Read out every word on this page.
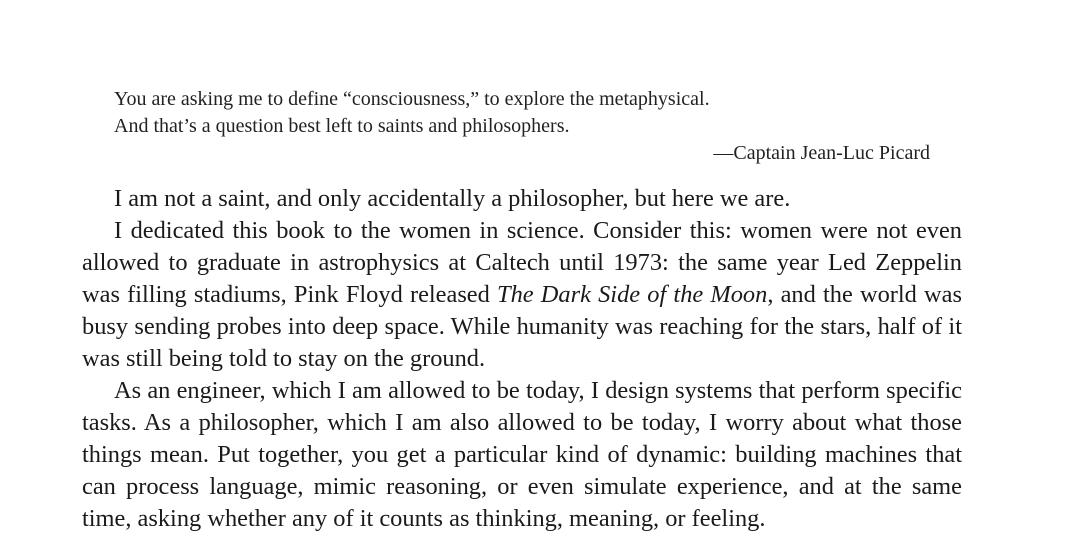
You are asking me to define “consciousness,” to explore the metaphysical.
And that’s a question best left to saints and philosophers.
—Captain Jean-Luc Picard

I am not a saint, and only accidentally a philosopher, but here we are.

I dedicated this book to the women in science. Consider this: women were not even allowed to graduate in astrophysics at Caltech until 1973: the same year Led Zeppelin was filling stadiums, Pink Floyd released The Dark Side of the Moon, and the world was busy sending probes into deep space. While humanity was reaching for the stars, half of it was still being told to stay on the ground.

As an engineer, which I am allowed to be today, I design systems that perform specific tasks. As a philosopher, which I am also allowed to be today, I worry about what those things mean. Put together, you get a particular kind of dynamic: building machines that can process language, mimic reasoning, or even simulate experience, and at the same time, asking whether any of it counts as thinking, meaning, or feeling.
